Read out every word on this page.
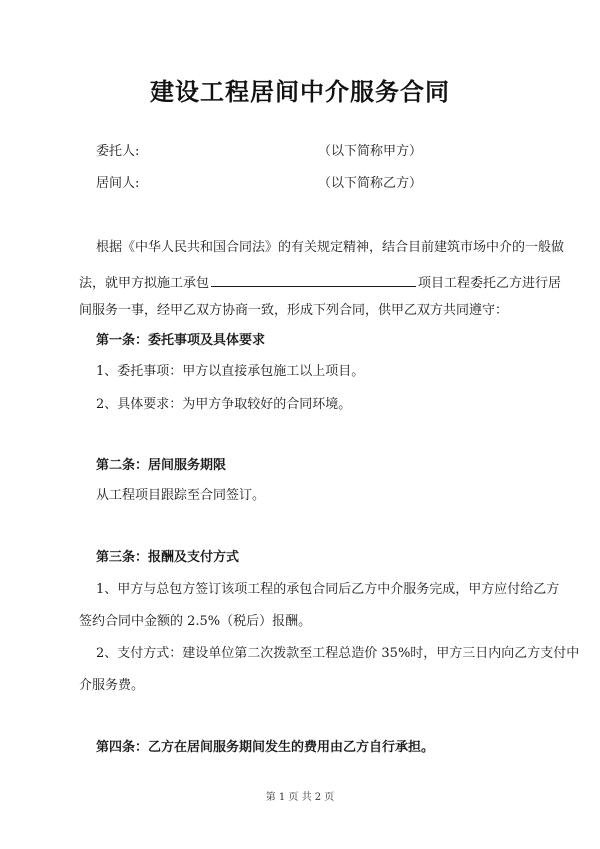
建设工程居间中介服务合同
委托人:	（以下简称甲方）
居间人:	（以下简称乙方）
根据《中华人民共和国合同法》的有关规定精神，结合目前建筑市场中介的一般做
法，就甲方拟施工承包	项目工程委托乙方进行居
间服务一事，经甲乙双方协商一致，形成下列合同，供甲乙双方共同遵守：
第一条：委托事项及具体要求
1、委托事项：甲方以直接承包施工以上项目。
2、具体要求：为甲方争取较好的合同环境。
第二条：居间服务期限
从工程项目跟踪至合同签订。
第三条：报酬及支付方式
1、甲方与总包方签订该项工程的承包合同后乙方中介服务完成，甲方应付给乙方
签约合同中金额的 2.5%（税后）报酬。
2、支付方式：建设单位第二次拨款至工程总造价 35%时，甲方三日内向乙方支付中
介服务费。
第四条：乙方在居间服务期间发生的费用由乙方自行承担。
第 1 页 共 2 页
